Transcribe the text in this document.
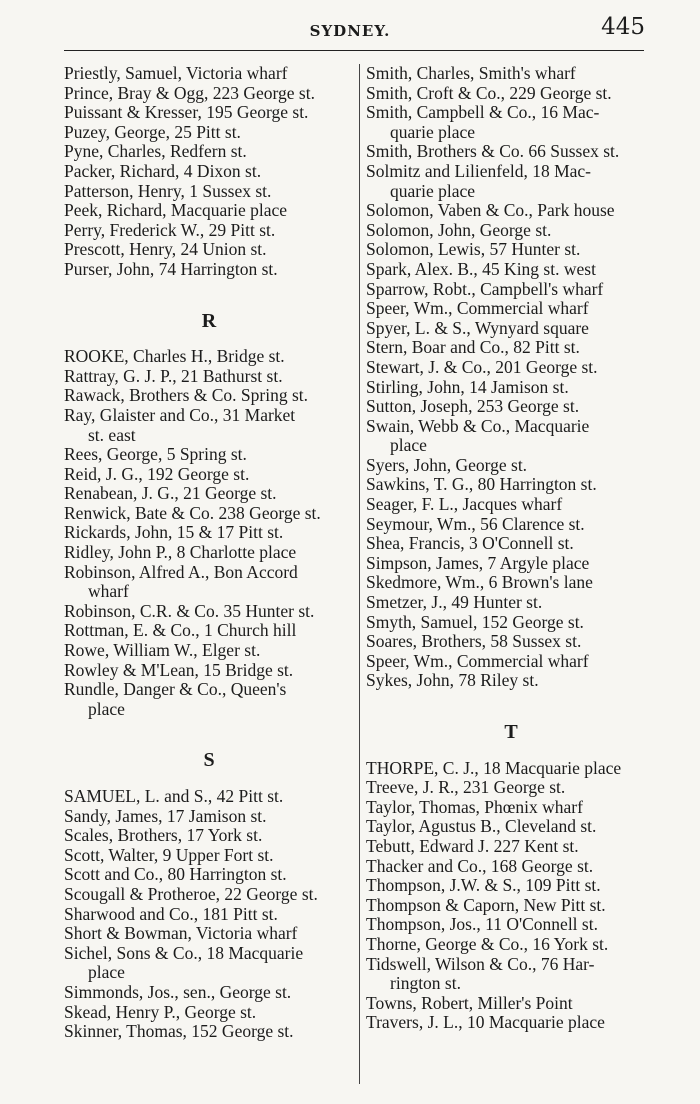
SYDNEY.	445
Priestly, Samuel, Victoria wharf
Prince, Bray & Ogg, 223 George st.
Puissant & Kresser, 195 George st.
Puzey, George, 25 Pitt st.
Pyne, Charles, Redfern st.
Packer, Richard, 4 Dixon st.
Patterson, Henry, 1 Sussex st.
Peek, Richard, Macquarie place
Perry, Frederick W., 29 Pitt st.
Prescott, Henry, 24 Union st.
Purser, John, 74 Harrington st.
R
ROOKE, Charles H., Bridge st.
Rattray, G. J. P., 21 Bathurst st.
Rawack, Brothers & Co. Spring st.
Ray, Glaister and Co., 31 Market
st. east
Rees, George, 5 Spring st.
Reid, J. G., 192 George st.
Renabean, J. G., 21 George st.
Renwick, Bate & Co. 238 George st.
Rickards, John, 15 & 17 Pitt st.
Ridley, John P., 8 Charlotte place
Robinson, Alfred A., Bon Accord
wharf
Robinson, C.R. & Co. 35 Hunter st.
Rottman, E. & Co., 1 Church hill
Rowe, William W., Elger st.
Rowley & M'Lean, 15 Bridge st.
Rundle, Danger & Co., Queen's
place
S
SAMUEL, L. and S., 42 Pitt st.
Sandy, James, 17 Jamison st.
Scales, Brothers, 17 York st.
Scott, Walter, 9 Upper Fort st.
Scott and Co., 80 Harrington st.
Scougall & Protheroe, 22 George st.
Sharwood and Co., 181 Pitt st.
Short & Bowman, Victoria wharf
Sichel, Sons & Co., 18 Macquarie
place
Simmonds, Jos., sen., George st.
Skead, Henry P., George st.
Skinner, Thomas, 152 George st.
Smith, Charles, Smith's wharf
Smith, Croft & Co., 229 George st.
Smith, Campbell & Co., 16 Mac-
quarie place
Smith, Brothers & Co. 66 Sussex st.
Solmitz and Lilienfeld, 18 Mac-
quarie place
Solomon, Vaben & Co., Park house
Solomon, John, George st.
Solomon, Lewis, 57 Hunter st.
Spark, Alex. B., 45 King st. west
Sparrow, Robt., Campbell's wharf
Speer, Wm., Commercial wharf
Spyer, L. & S., Wynyard square
Stern, Boar and Co., 82 Pitt st.
Stewart, J. & Co., 201 George st.
Stirling, John, 14 Jamison st.
Sutton, Joseph, 253 George st.
Swain, Webb & Co., Macquarie
place
Syers, John, George st.
Sawkins, T. G., 80 Harrington st.
Seager, F. L., Jacques wharf
Seymour, Wm., 56 Clarence st.
Shea, Francis, 3 O'Connell st.
Simpson, James, 7 Argyle place
Skedmore, Wm., 6 Brown's lane
Smetzer, J., 49 Hunter st.
Smyth, Samuel, 152 George st.
Soares, Brothers, 58 Sussex st.
Speer, Wm., Commercial wharf
Sykes, John, 78 Riley st.
T
THORPE, C. J., 18 Macquarie place
Treeve, J. R., 231 George st.
Taylor, Thomas, Phœnix wharf
Taylor, Agustus B., Cleveland st.
Tebutt, Edward J. 227 Kent st.
Thacker and Co., 168 George st.
Thompson, J.W. & S., 109 Pitt st.
Thompson & Caporn, New Pitt st.
Thompson, Jos., 11 O'Connell st.
Thorne, George & Co., 16 York st.
Tidswell, Wilson & Co., 76 Har-
rington st.
Towns, Robert, Miller's Point
Travers, J. L., 10 Macquarie place
